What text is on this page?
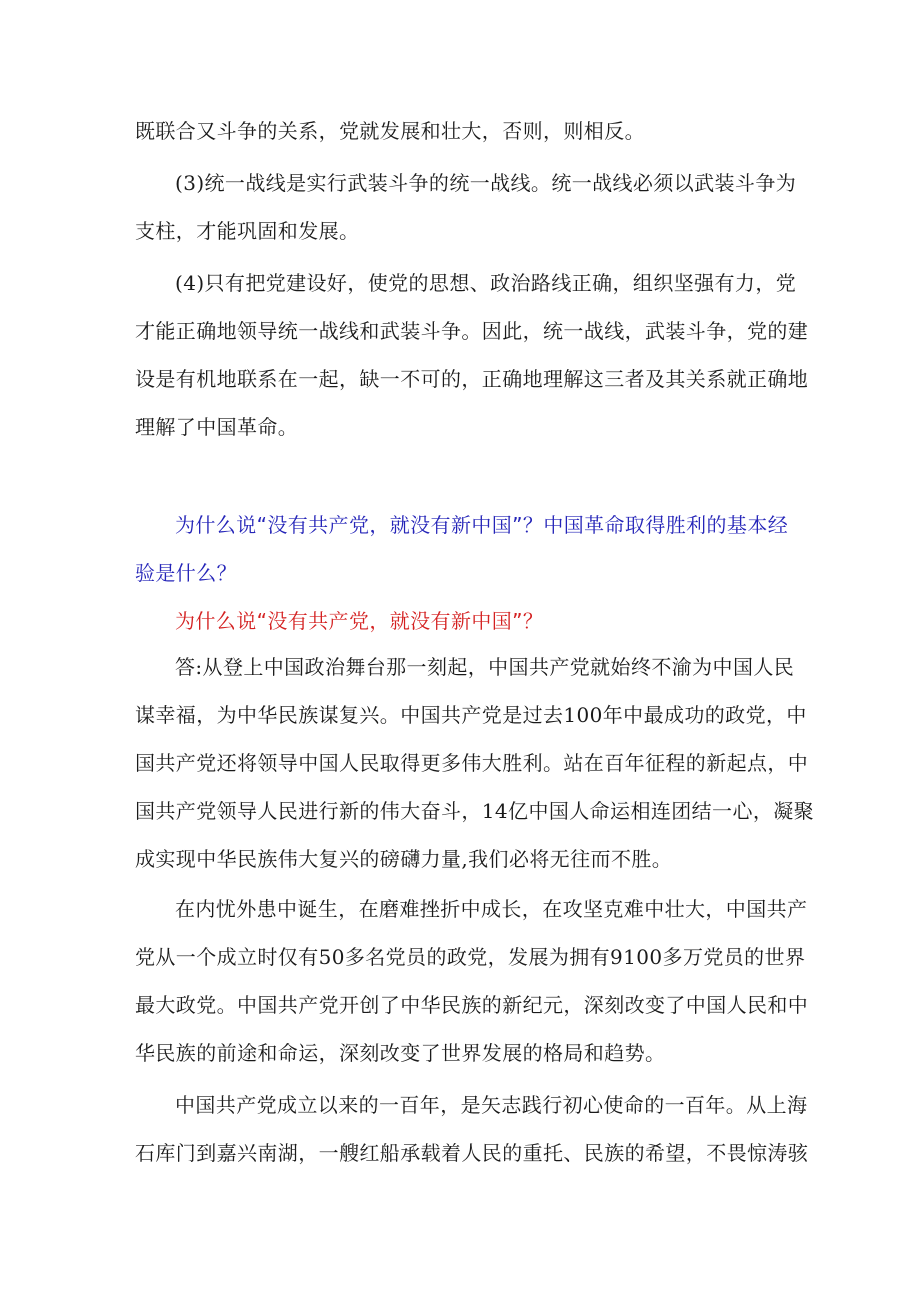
既联合又斗争的关系，党就发展和壮大，否则，则相反。
(3)统一战线是实行武装斗争的统一战线。统一战线必须以武装斗争为
支柱，才能巩固和发展。
(4)只有把党建设好，使党的思想、政治路线正确，组织坚强有力，党
才能正确地领导统一战线和武装斗争。因此，统一战线，武装斗争，党的建
设是有机地联系在一起，缺一不可的，正确地理解这三者及其关系就正确地
理解了中国革命。
为什么说“没有共产党，就没有新中国”？中国革命取得胜利的基本经
验是什么？
为什么说“没有共产党，就没有新中国”？
答:从登上中国政治舞台那一刻起，中国共产党就始终不渝为中国人民
谋幸福，为中华民族谋复兴。中国共产党是过去100年中最成功的政党，中
国共产党还将领导中国人民取得更多伟大胜利。站在百年征程的新起点，中
国共产党领导人民进行新的伟大奋斗，14亿中国人命运相连团结一心，凝聚
成实现中华民族伟大复兴的磅礴力量,我们必将无往而不胜。
在内忧外患中诞生，在磨难挫折中成长，在攻坚克难中壮大，中国共产
党从一个成立时仅有50多名党员的政党，发展为拥有9100多万党员的世界
最大政党。中国共产党开创了中华民族的新纪元，深刻改变了中国人民和中
华民族的前途和命运，深刻改变了世界发展的格局和趋势。
中国共产党成立以来的一百年，是矢志践行初心使命的一百年。从上海
石库门到嘉兴南湖，一艘红船承载着人民的重托、民族的希望，不畏惊涛骇
